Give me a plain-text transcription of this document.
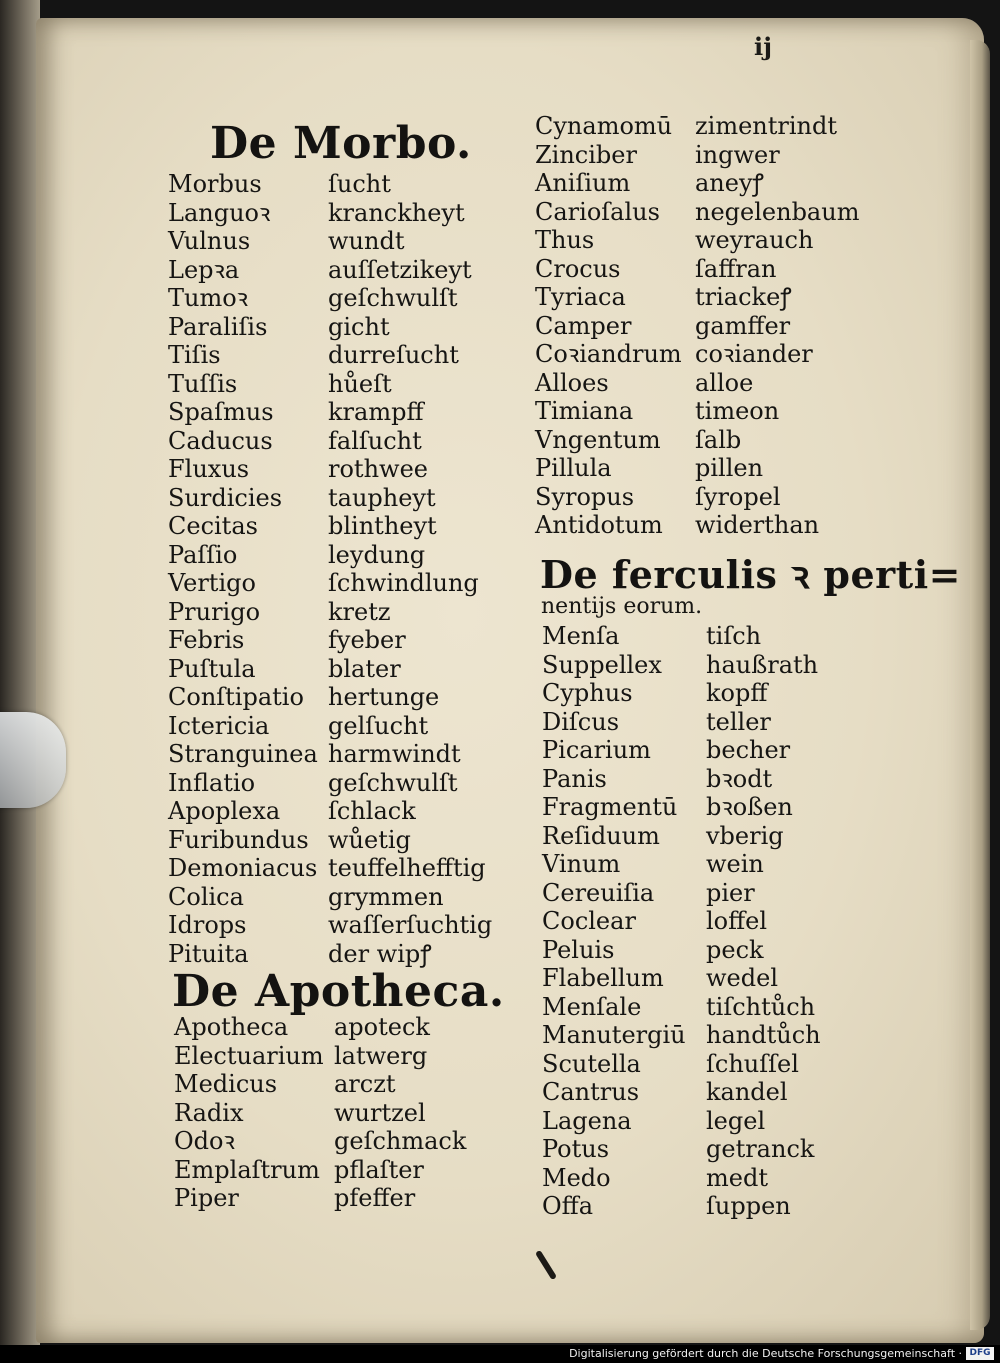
ĳ
De Morbo.
Morbus	ſucht
Languoꝛ kranckheyt
Vulnus	wundt
Lepꝛa	auſſetzikeyt
Tumoꝛ	geſchwulſt
Paraliſis	gicht
Tiſis	durreſucht
Tuſſis	hůeſt
Spaſmus krampff
Caducus falſucht
Fluxus	rothwee
Surdicies taupheyt
Cecitas	blintheyt
Paſſio	leydung
Vertigo	ſchwindlung
Prurigo	kretz
Febris	fyeber
Puſtula	blater
Conſtipatio hertunge
Ictericia gelſucht
Stranguinea harmwindt
Inflatio	geſchwulſt
Apoplexa ſchlack
Furibundus wůetig
Demoniacus teuffelhefftig
Colica	grymmen
Idrops	waſſerſuchtig
Pituita	der wipꝭ
De Apotheca.
Apotheca apoteck
Electuarium latwerg
Medicus arczt
Radix	wurtzel
Odoꝛ	geſchmack
Emplaſtrum pflaſter
Piper	pfeffer
Cynamomū zimentrindt
Zinciber ingwer
Aniſium	aneyꝭ
Carioſalus negelenbaum
Thus	weyrauch
Crocus	ſaffran
Tyriaca	triackeꝭ
Camper	gamffer
Coꝛiandrum coꝛiander
Alloes	alloe
Timiana	timeon
Vngentum ſalb
Pillula	pillen
Syropus	ſyropel
Antidotum widerthan
De ferculis ꝛ perti=
nentijs eorum.
Menſa	tiſch
Suppellex haußrath
Cyphus	kopff
Diſcus	teller
Picarium becher
Panis	bꝛodt
Fragmentū bꝛoßen
Reſiduum vberig
Vinum	wein
Cereuiſia pier
Coclear	loffel
Peluis	peck
Flabellum wedel
Menſale	tiſchtůch
Manutergiū handtůch
Scutella	ſchuſſel
Cantrus	kandel
Lagena	legel
Potus	getranck
Medo	medt
Offa	ſuppen
Digitalisierung gefördert durch die Deutsche Forschungsgemeinschaft · DFG
